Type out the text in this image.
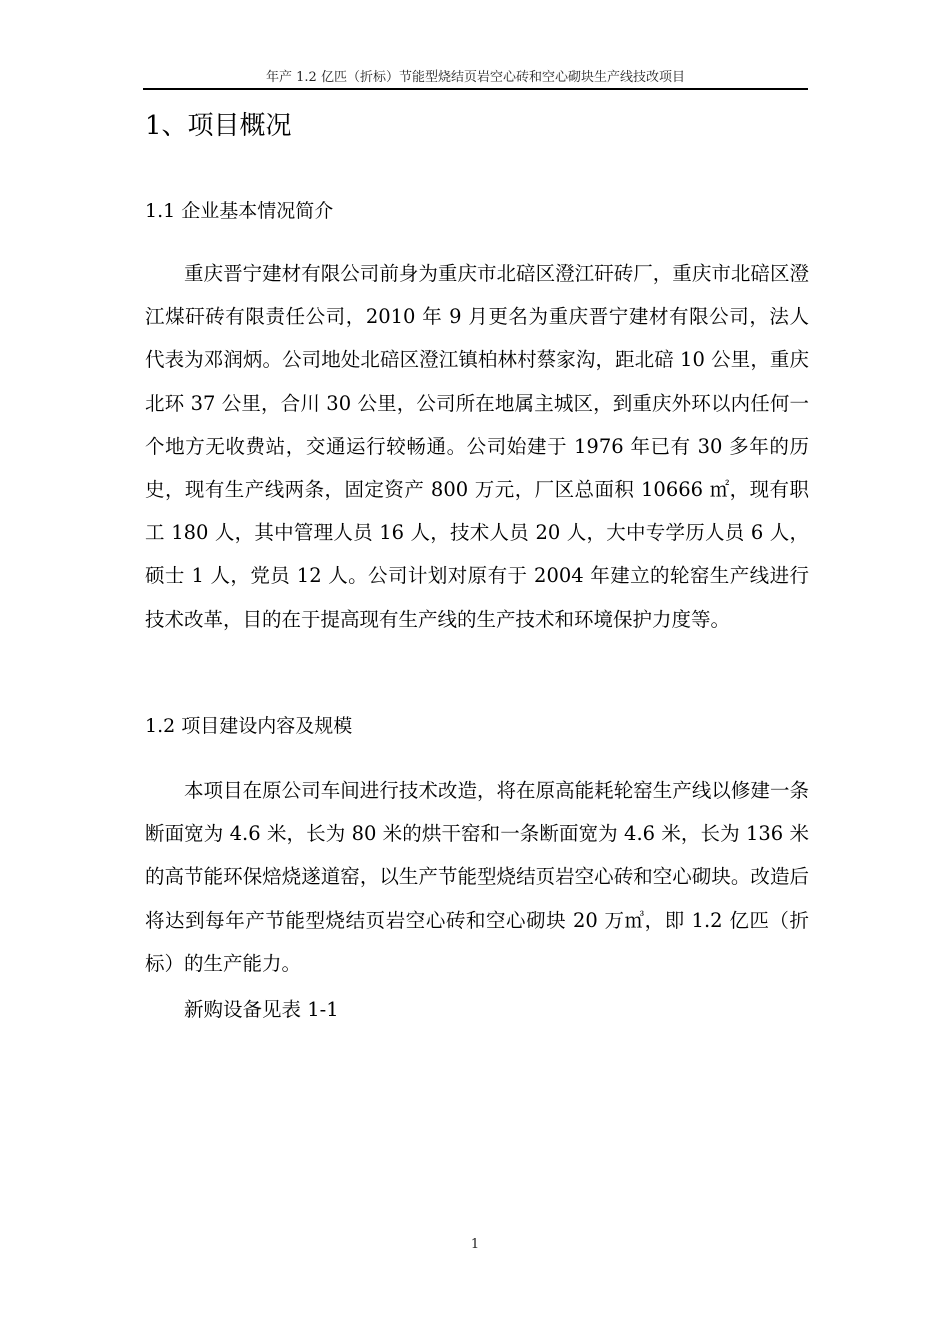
年产 1.2 亿匹（折标）节能型烧结页岩空心砖和空心砌块生产线技改项目
1、项目概况
1.1 企业基本情况简介

重庆晋宁建材有限公司前身为重庆市北碚区澄江矸砖厂，重庆市北碚区澄江煤矸砖有限责任公司，2010 年 9 月更名为重庆晋宁建材有限公司，法人代表为邓润炳。公司地处北碚区澄江镇柏林村蔡家沟，距北碚 10 公里，重庆北环 37 公里，合川 30 公里，公司所在地属主城区，到重庆外环以内任何一个地方无收费站，交通运行较畅通。公司始建于 1976 年已有 30 多年的历史，现有生产线两条，固定资产 800 万元，厂区总面积 10666 ㎡，现有职工 180 人，其中管理人员 16 人，技术人员 20 人，大中专学历人员 6 人，硕士 1 人，党员 12 人。公司计划对原有于 2004 年建立的轮窑生产线进行技术改革，目的在于提高现有生产线的生产技术和环境保护力度等。

1.2 项目建设内容及规模

本项目在原公司车间进行技术改造，将在原高能耗轮窑生产线以修建一条断面宽为 4.6 米，长为 80 米的烘干窑和一条断面宽为 4.6 米，长为 136 米的高节能环保焙烧遂道窑，以生产节能型烧结页岩空心砖和空心砌块。改造后将达到每年产节能型烧结页岩空心砖和空心砌块 20 万㎥，即 1.2 亿匹（折标）的生产能力。

新购设备见表 1-1

1
